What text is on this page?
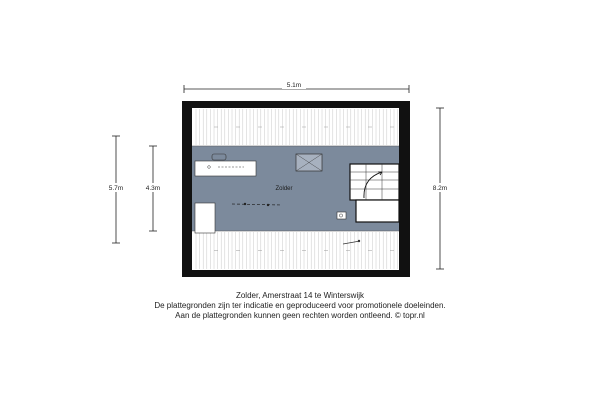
5.1m
5.7m	4.3m	8.2m
Zolder
Zolder, Amerstraat 14 te Winterswijk
De plattegronden zijn ter indicatie en geproduceerd voor promotionele doeleinden.
Aan de plattegronden kunnen geen rechten worden ontleend. © topr.nl
